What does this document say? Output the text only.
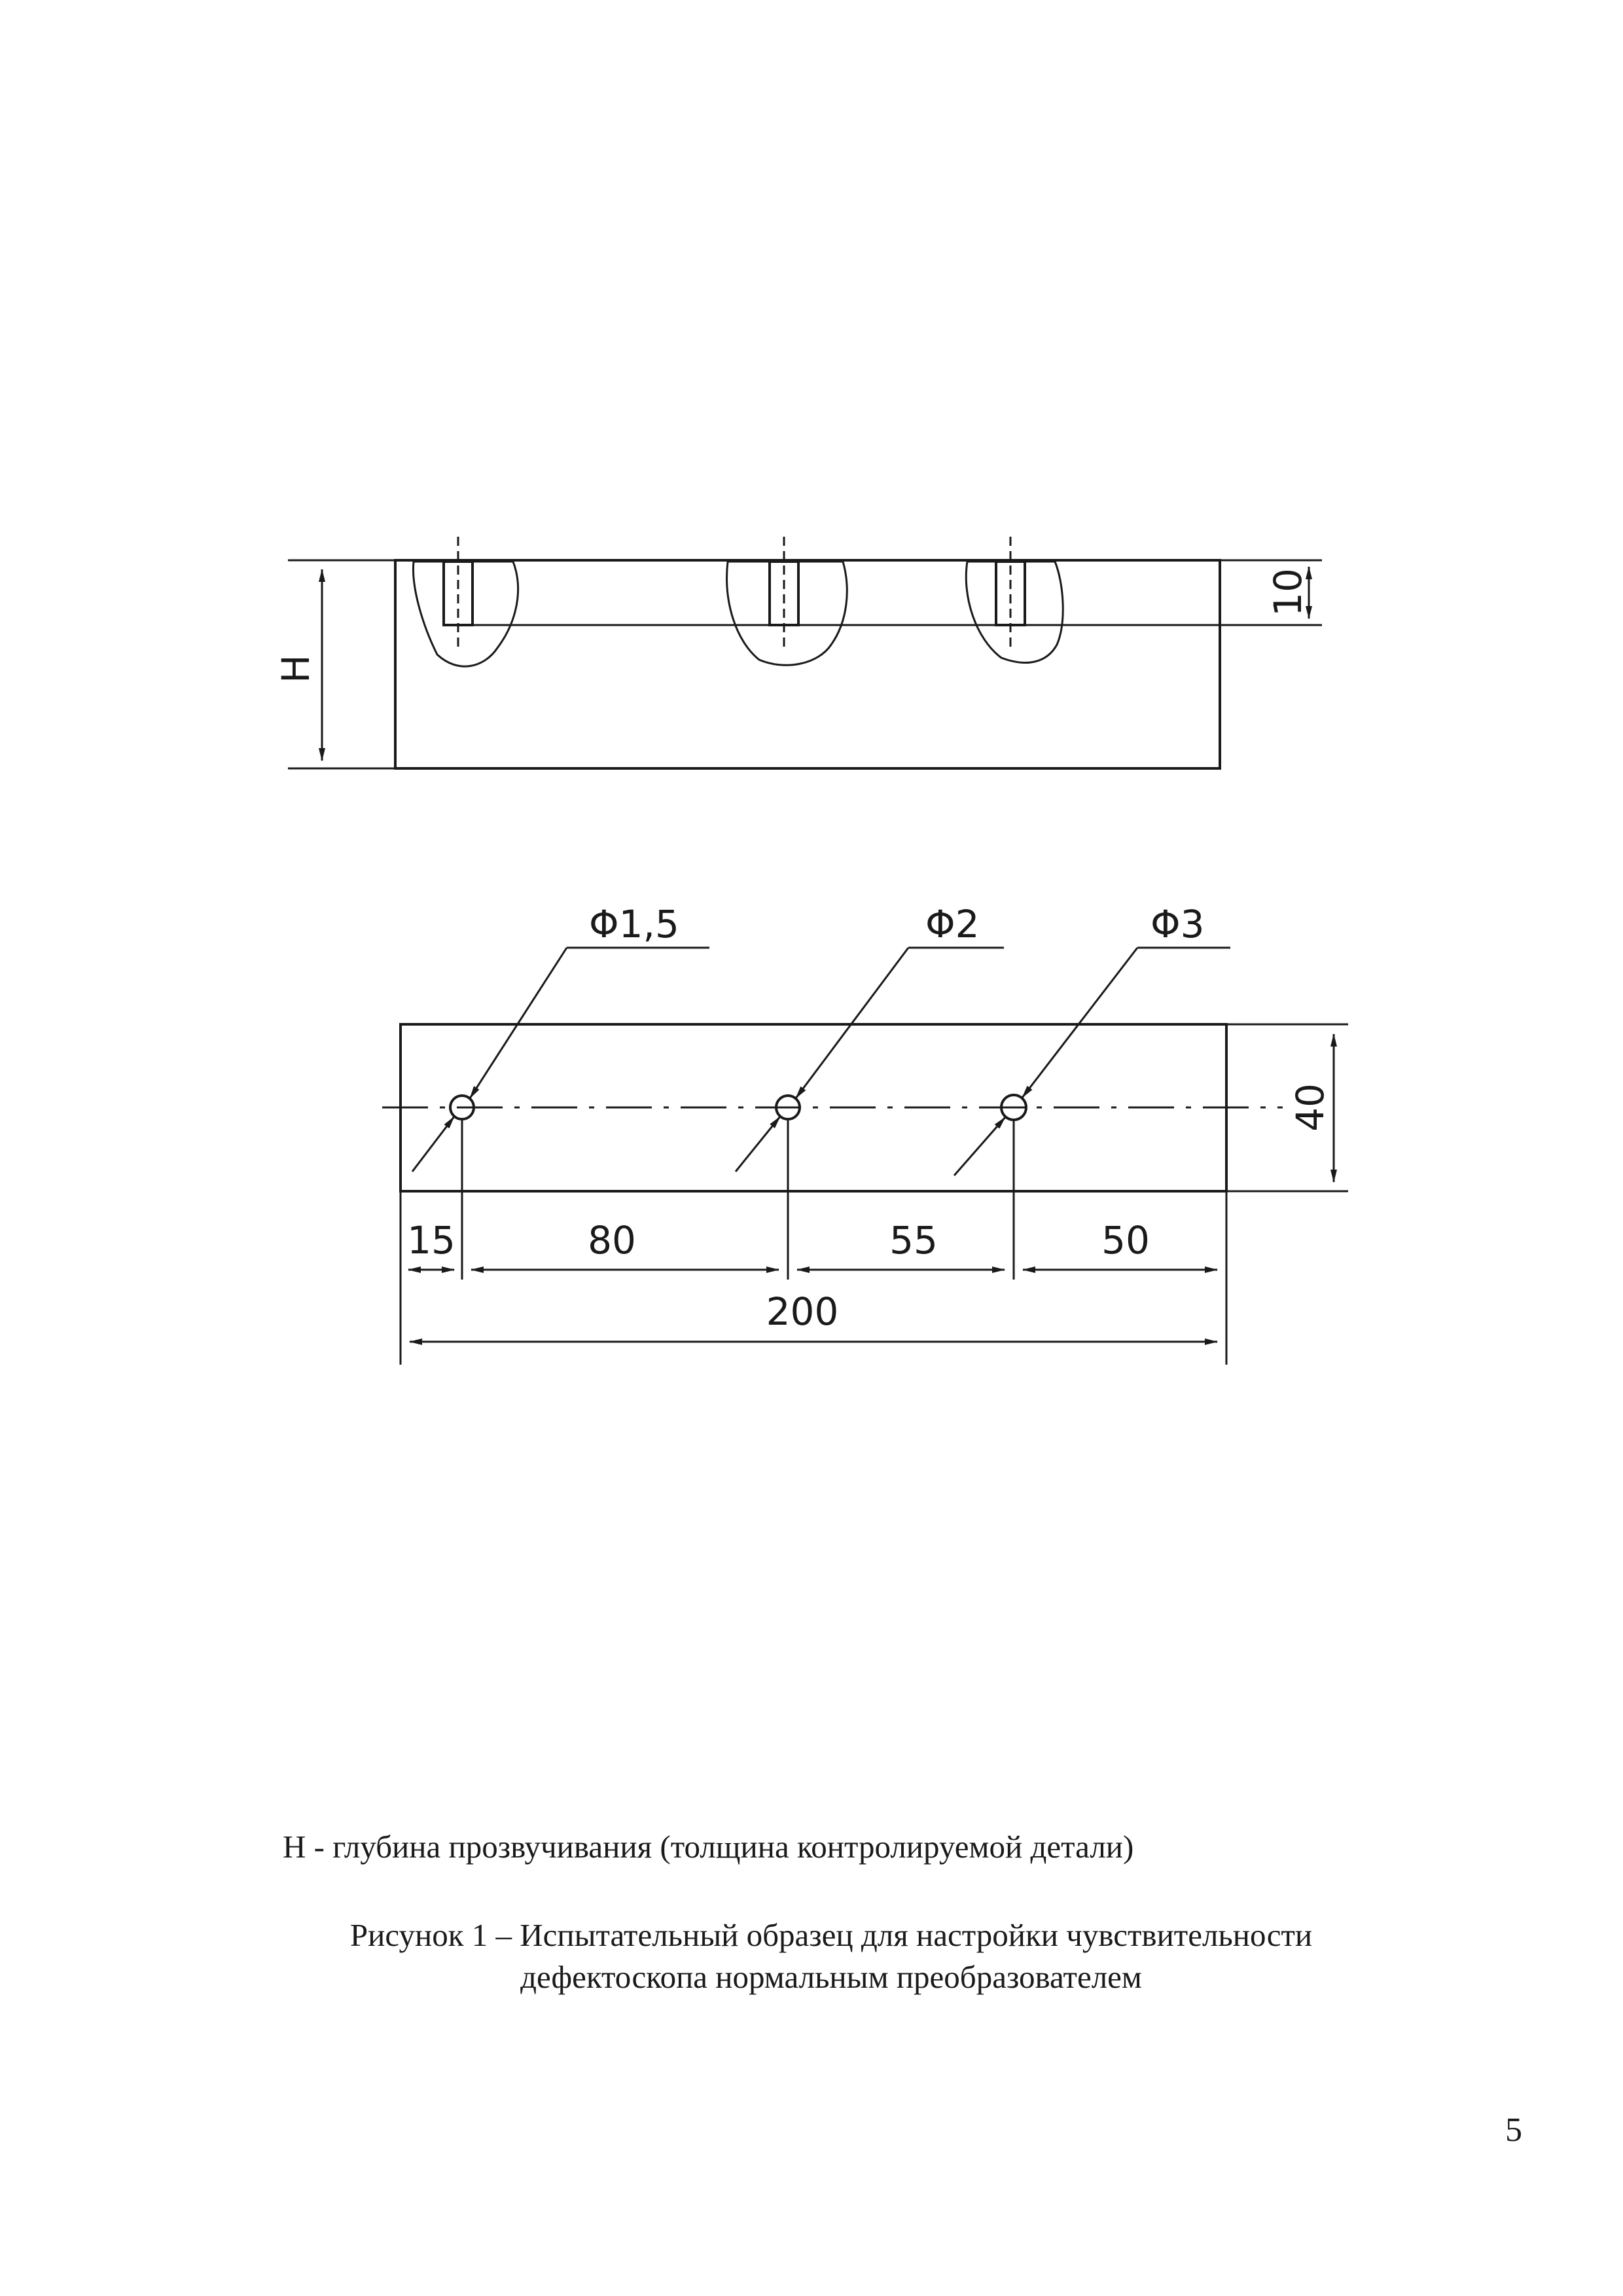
H
10
Φ1,5	Φ2	Φ3
40
15	80	55	50
200
H - глубина прозвучивания (толщина контролируемой детали)
Рисунок 1 – Испытательный образец для настройки чувствительности
дефектоскопа нормальным преобразователем
5
